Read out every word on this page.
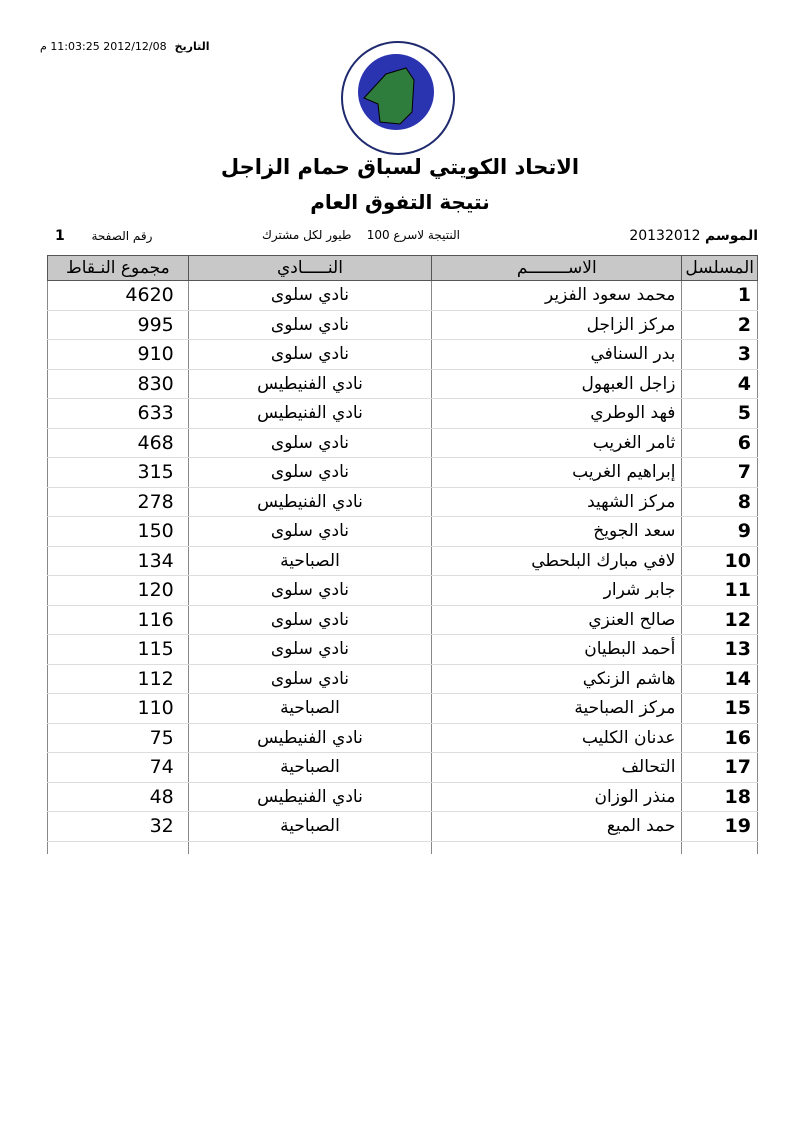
التاريخ2012/12/08 11:03:25 م
الاتحاد الكويتي لسباق حمام الزاجل
نتيجة التفوق العام
الموسم 20132012
النتيجة لاسرع 100    طيور لكل مشترك
رقم الصفحة       1
المسلسل	الاســــــــم	النـــــادي	مجموع النـقاط
1	محمد سعود الفزير	نادي سلوى	4620
2	مركز الزاجل	نادي سلوى	995
3	بدر السنافي	نادي سلوى	910
4	زاجل العبهول	نادي الفنيطيس	830
5	فهد الوطري	نادي الفنيطيس	633
6	ثامر الغريب	نادي سلوى	468
7	إبراهيم الغريب	نادي سلوى	315
8	مركز الشهيد	نادي الفنيطيس	278
9	سعد الجويخ	نادي سلوى	150
10	لافي مبارك البلحطي	الصباحية	134
11	جابر شرار	نادي سلوى	120
12	صالح العنزي	نادي سلوى	116
13	أحمد البطيان	نادي سلوى	115
14	هاشم الزنكي	نادي سلوى	112
15	مركز الصباحية	الصباحية	110
16	عدنان الكليب	نادي الفنيطيس	75
17	التحالف	الصباحية	74
18	منذر الوزان	نادي الفنيطيس	48
19	حمد الميع	الصباحية	32
